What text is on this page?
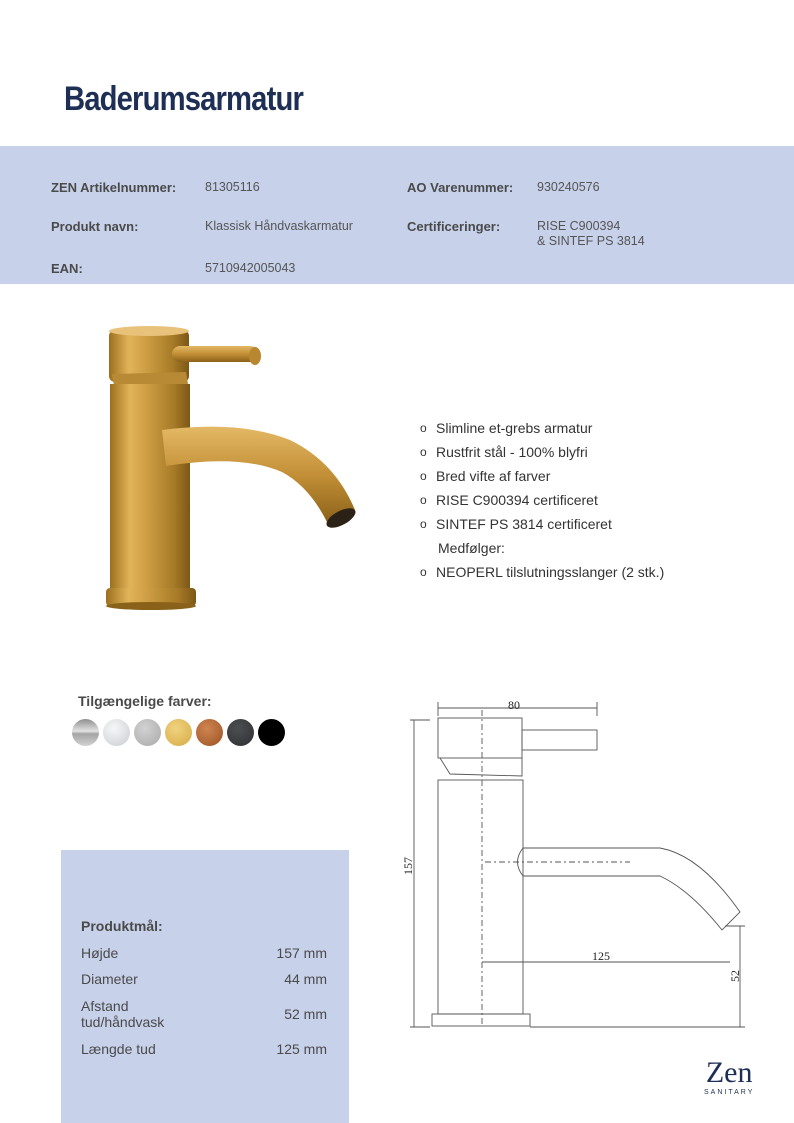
Baderumsarmatur
ZEN Artikelnummer: 81305116	AO Varenummer: 930240576
Produkt navn:	Klassisk Håndvaskarmatur	Certificeringer:	RISE C900394
& SINTEF PS 3814
EAN:	5710942005043
o Slimline et-grebs armatur
o Rustfrit stål - 100% blyfri
o Bred vifte af farver
o RISE C900394 certificeret
o SINTEF PS 3814 certificeret
Medfølger:
o NEOPERL tilslutningsslanger (2 stk.)
Tilgængelige farver:
Produktmål:
Højde	157 mm
Diameter	44 mm
Afstand tud/håndvask	52 mm
Længde tud	125 mm
80
157
125
52
Zen
SANITARY
